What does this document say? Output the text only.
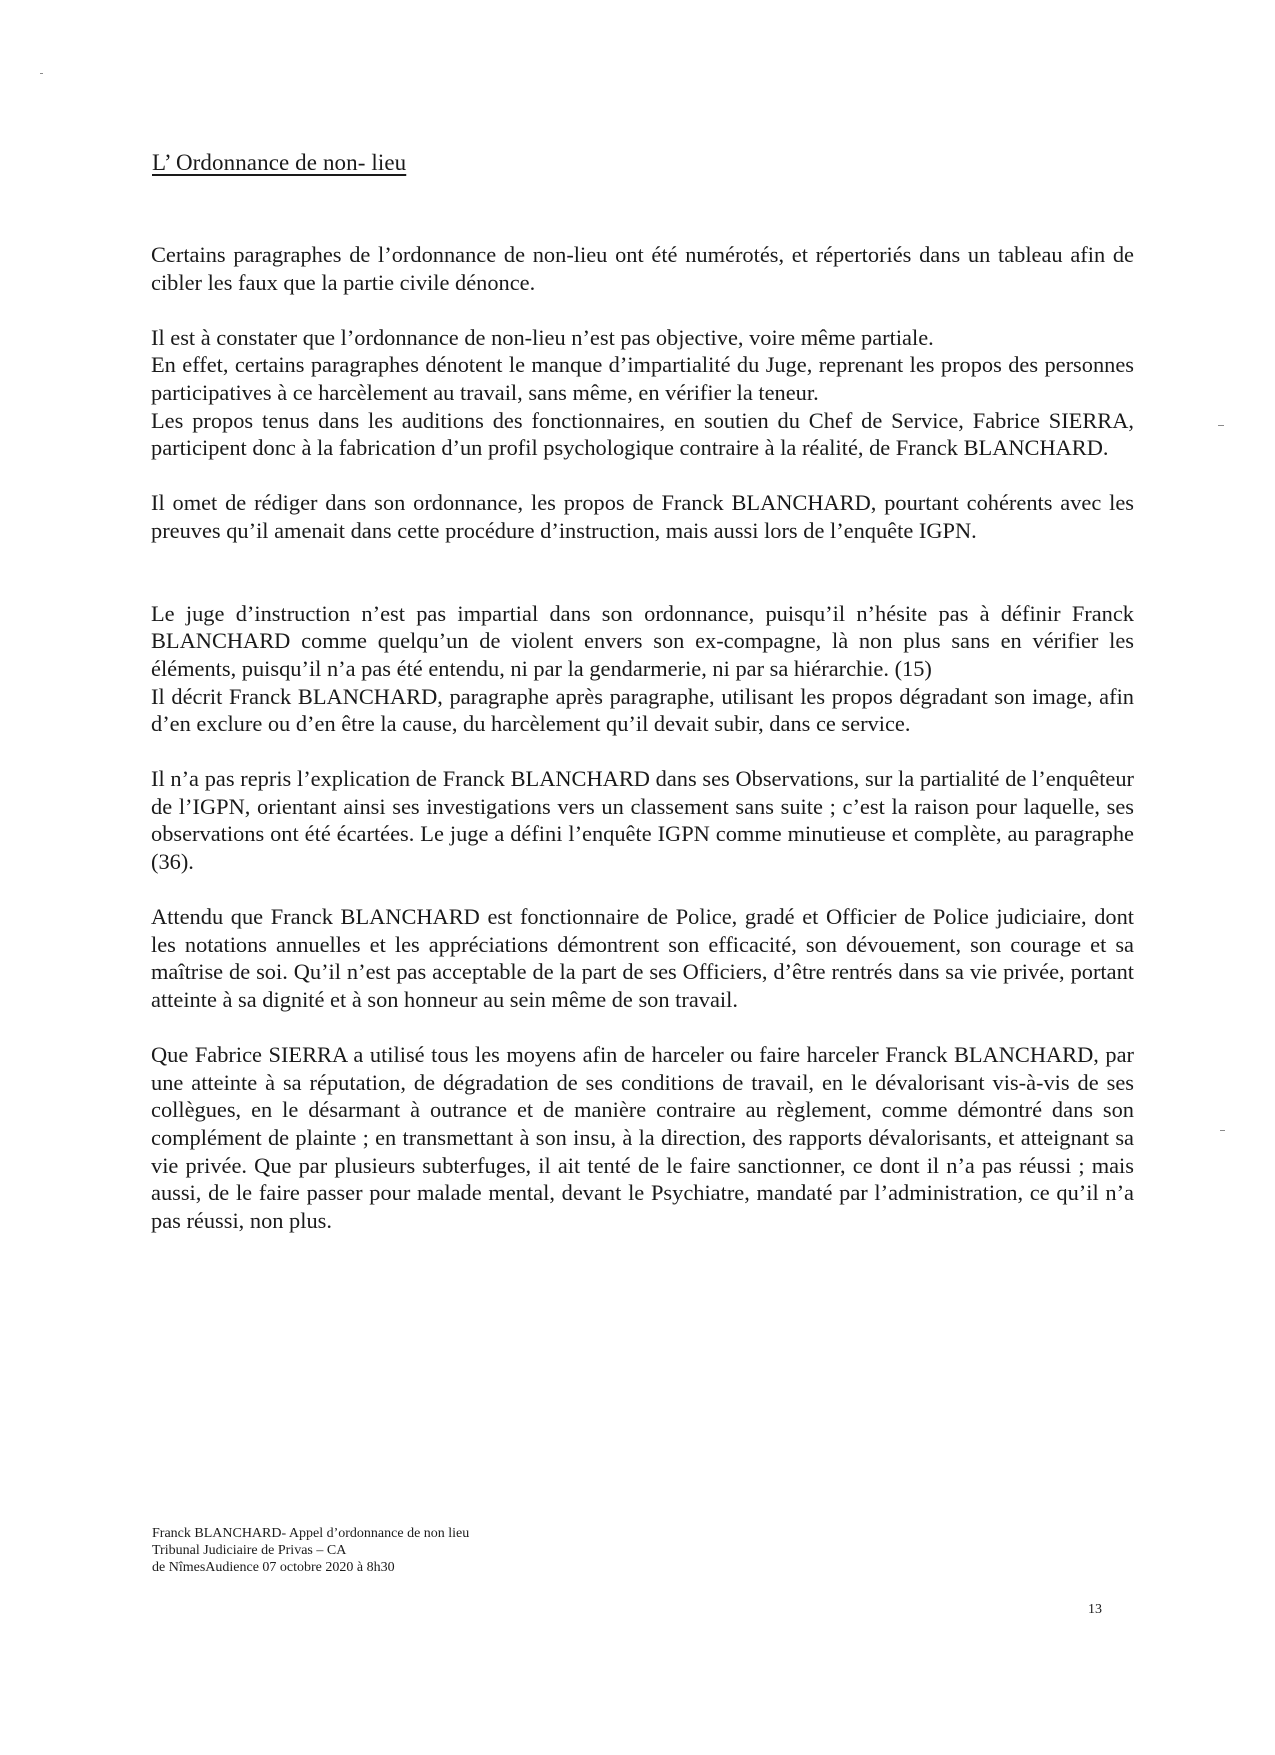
L’ Ordonnance de non- lieu

Certains paragraphes de l’ordonnance de non-lieu ont été numérotés, et répertoriés dans un tableau afin de cibler les faux que la partie civile dénonce.

Il est à constater que l’ordonnance de non-lieu n’est pas objective, voire même partiale.

En effet, certains paragraphes dénotent le manque d’impartialité du Juge, reprenant les propos des personnes participatives à ce harcèlement au travail, sans même, en vérifier la teneur.

Les propos tenus dans les auditions des fonctionnaires, en soutien du Chef de Service, Fabrice SIERRA, participent donc à la fabrication d’un profil psychologique contraire à la réalité, de Franck BLANCHARD.

Il omet de rédiger dans son ordonnance, les propos de Franck BLANCHARD, pourtant cohérents avec les preuves qu’il amenait dans cette procédure d’instruction, mais aussi lors de l’enquête IGPN.

Le juge d’instruction n’est pas impartial dans son ordonnance, puisqu’il n’hésite pas à définir Franck BLANCHARD comme quelqu’un de violent envers son ex-compagne, là non plus sans en vérifier les éléments, puisqu’il n’a pas été entendu, ni par la gendarmerie, ni par sa hiérarchie. (15)

Il décrit Franck BLANCHARD, paragraphe après paragraphe, utilisant les propos dégradant son image, afin d’en exclure ou d’en être la cause, du harcèlement qu’il devait subir, dans ce service.

Il n’a pas repris l’explication de Franck BLANCHARD dans ses Observations, sur la partialité de l’enquêteur de l’IGPN, orientant ainsi ses investigations vers un classement sans suite ; c’est la raison pour laquelle, ses observations ont été écartées. Le juge a défini l’enquête IGPN comme minutieuse et complète, au paragraphe (36).

Attendu que Franck BLANCHARD est fonctionnaire de Police, gradé et Officier de Police judiciaire, dont les notations annuelles et les appréciations démontrent son efficacité, son dévouement, son courage et sa maîtrise de soi. Qu’il n’est pas acceptable de la part de ses Officiers, d’être rentrés dans sa vie privée, portant atteinte à sa dignité et à son honneur au sein même de son travail.

Que Fabrice SIERRA a utilisé tous les moyens afin de harceler ou faire harceler Franck BLANCHARD, par une atteinte à sa réputation, de dégradation de ses conditions de travail, en le dévalorisant vis-à-vis de ses collègues, en le désarmant à outrance et de manière contraire au règlement, comme démontré dans son complément de plainte ; en transmettant à son insu, à la direction, des rapports dévalorisants, et atteignant sa vie privée. Que par plusieurs subterfuges, il ait tenté de le faire sanctionner, ce dont il n’a pas réussi ; mais aussi, de le faire passer pour malade mental, devant le Psychiatre, mandaté par l’administration, ce qu’il n’a pas réussi, non plus.

Franck BLANCHARD- Appel d’ordonnance de non lieu
Tribunal Judiciaire de Privas – CA
de NîmesAudience 07 octobre 2020 à 8h30
13
